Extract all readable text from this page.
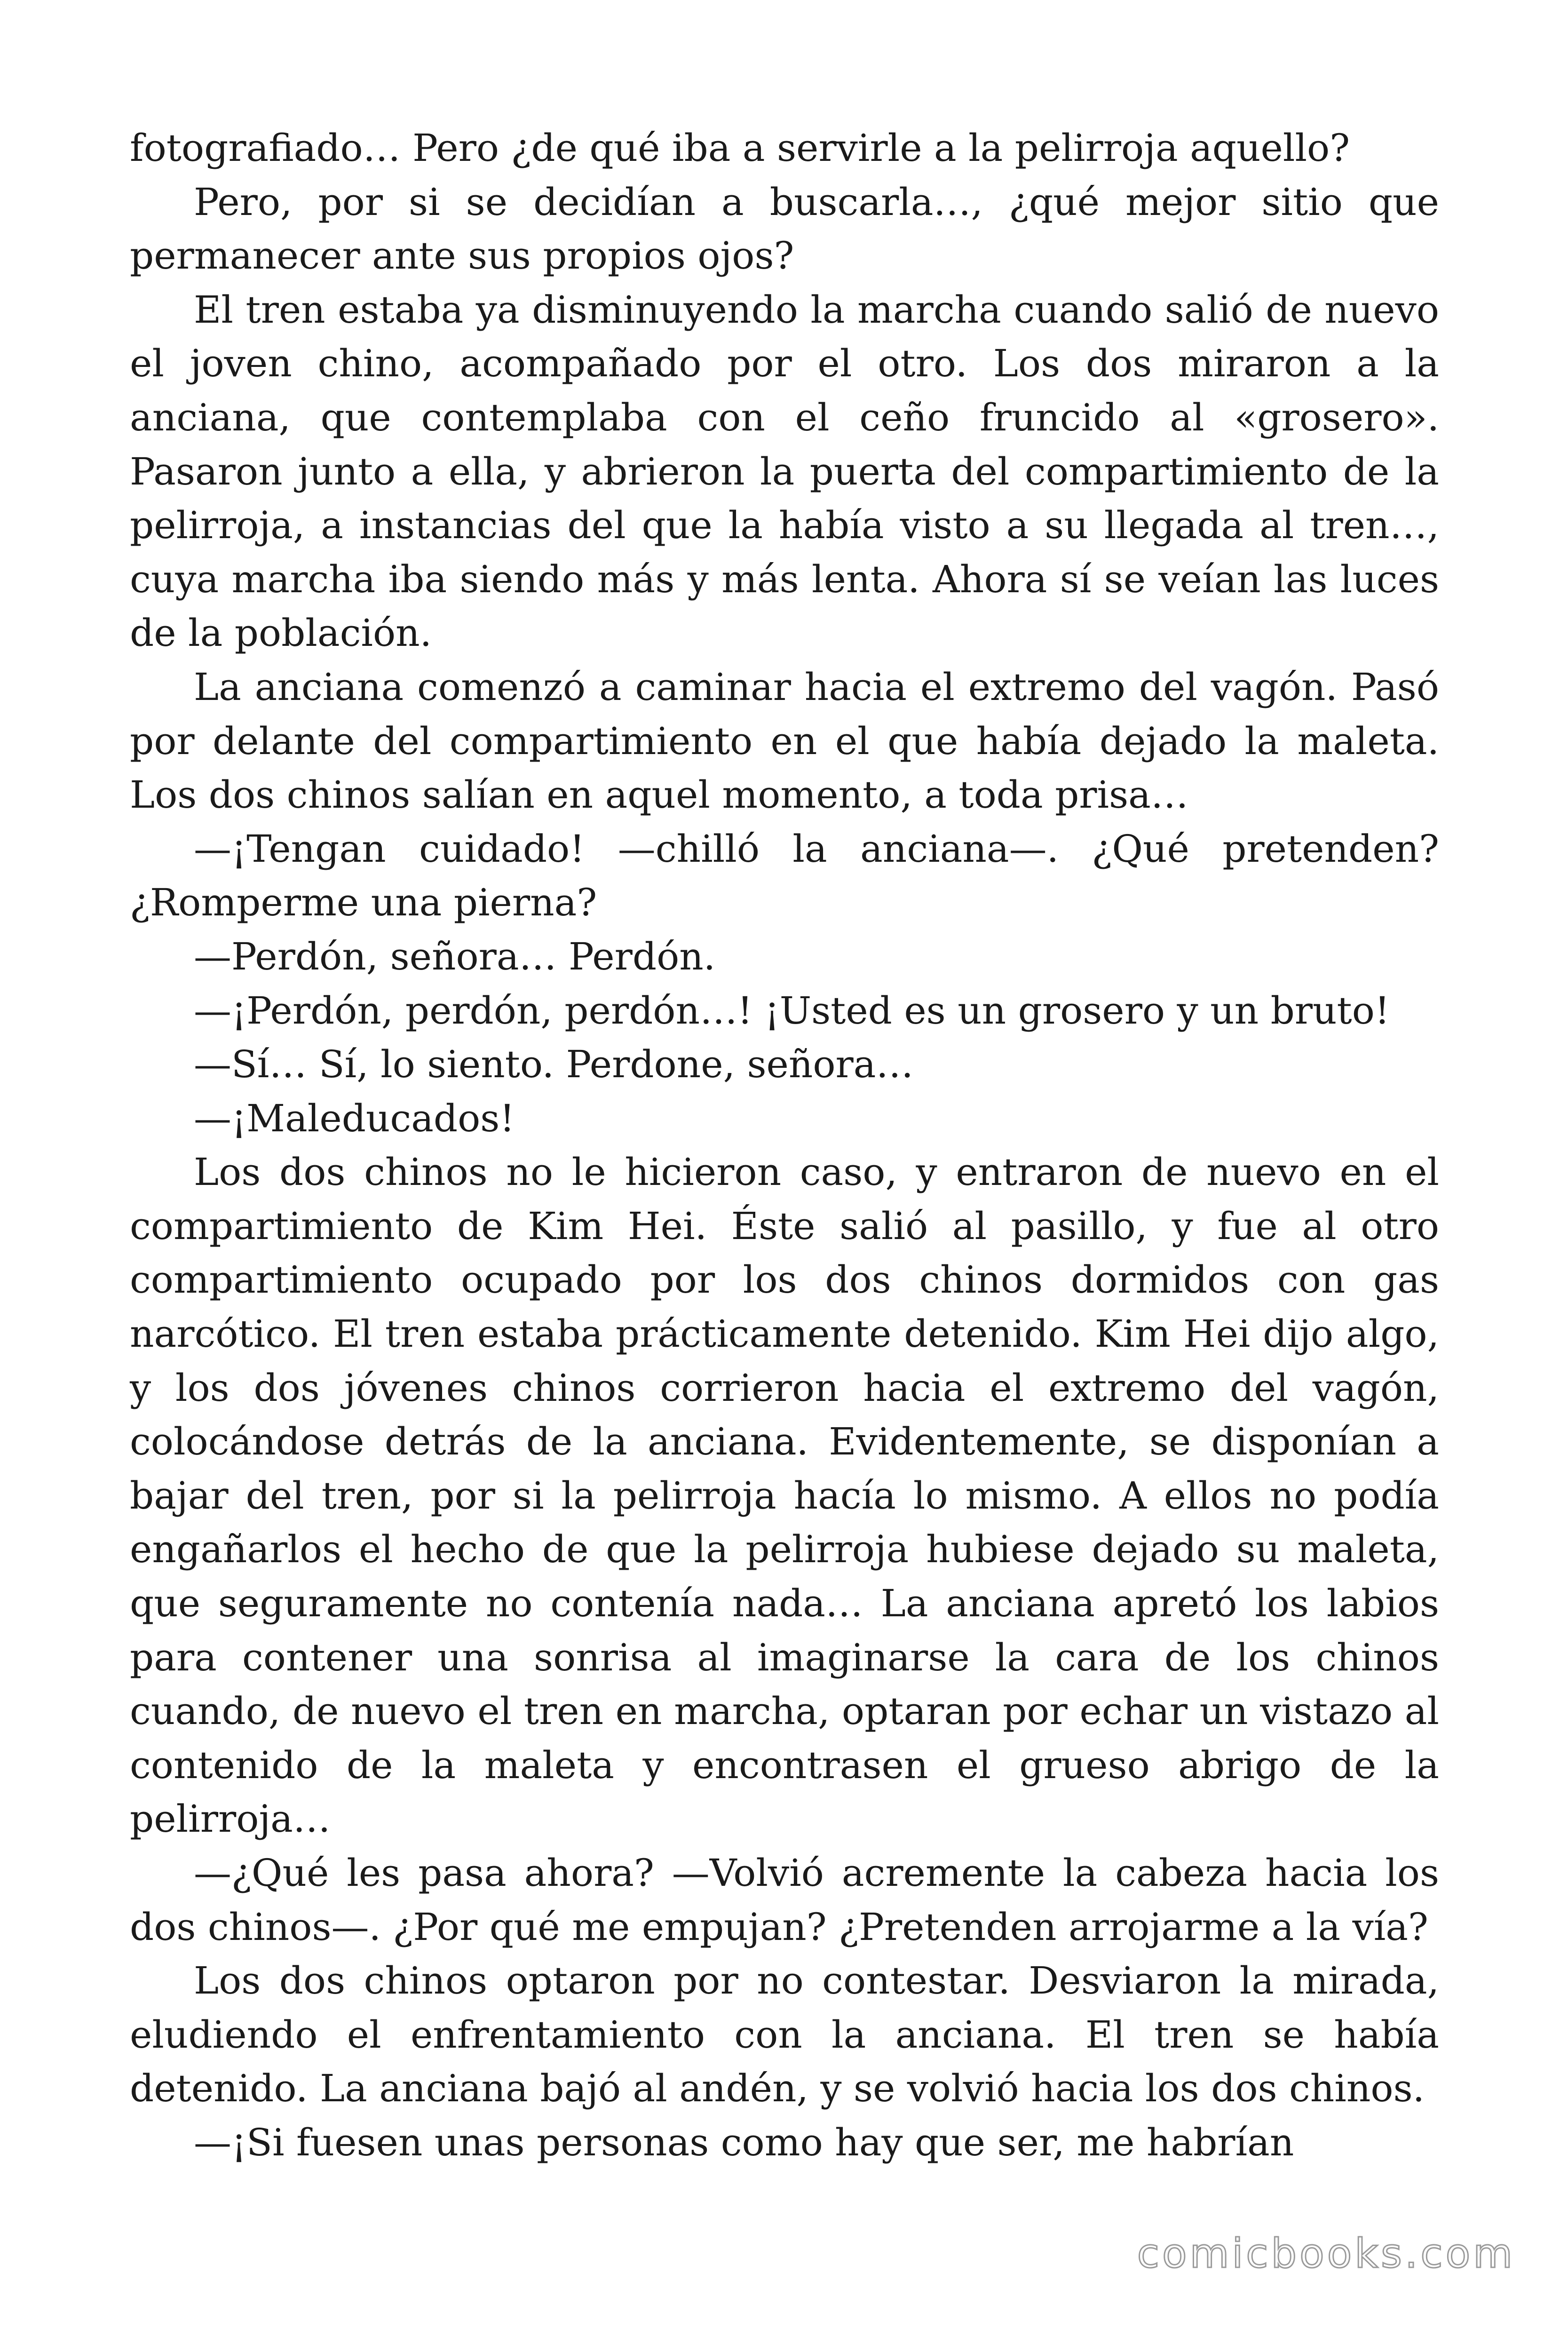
fotografiado… Pero ¿de qué iba a servirle a la pelirroja aquello?

Pero, por si se decidían a buscarla…, ¿qué mejor sitio que permanecer ante sus propios ojos?

El tren estaba ya disminuyendo la marcha cuando salió de nuevo el joven chino, acompañado por el otro. Los dos miraron a la anciana, que contemplaba con el ceño fruncido al «grosero». Pasaron junto a ella, y abrieron la puerta del compartimiento de la pelirroja, a instancias del que la había visto a su llegada al tren…, cuya marcha iba siendo más y más lenta. Ahora sí se veían las luces de la población.

La anciana comenzó a caminar hacia el extremo del vagón. Pasó por delante del compartimiento en el que había dejado la maleta. Los dos chinos salían en aquel momento, a toda prisa…

—¡Tengan cuidado! —chilló la anciana—. ¿Qué pretenden? ¿Romperme una pierna?

—Perdón, señora… Perdón.

—¡Perdón, perdón, perdón…! ¡Usted es un grosero y un bruto!

—Sí… Sí, lo siento. Perdone, señora…

—¡Maleducados!

Los dos chinos no le hicieron caso, y entraron de nuevo en el compartimiento de Kim Hei. Éste salió al pasillo, y fue al otro compartimiento ocupado por los dos chinos dormidos con gas narcótico. El tren estaba prácticamente detenido. Kim Hei dijo algo, y los dos jóvenes chinos corrieron hacia el extremo del vagón, colocándose detrás de la anciana. Evidentemente, se disponían a bajar del tren, por si la pelirroja hacía lo mismo. A ellos no podía engañarlos el hecho de que la pelirroja hubiese dejado su maleta, que seguramente no contenía nada… La anciana apretó los labios para contener una sonrisa al imaginarse la cara de los chinos cuando, de nuevo el tren en marcha, optaran por echar un vistazo al contenido de la maleta y encontrasen el grueso abrigo de la pelirroja…

—¿Qué les pasa ahora? —Volvió acremente la cabeza hacia los dos chinos—. ¿Por qué me empujan? ¿Pretenden arrojarme a la vía?

Los dos chinos optaron por no contestar. Desviaron la mirada, eludiendo el enfrentamiento con la anciana. El tren se había detenido. La anciana bajó al andén, y se volvió hacia los dos chinos.

—¡Si fuesen unas personas como hay que ser, me habrían

comicbooks.com
